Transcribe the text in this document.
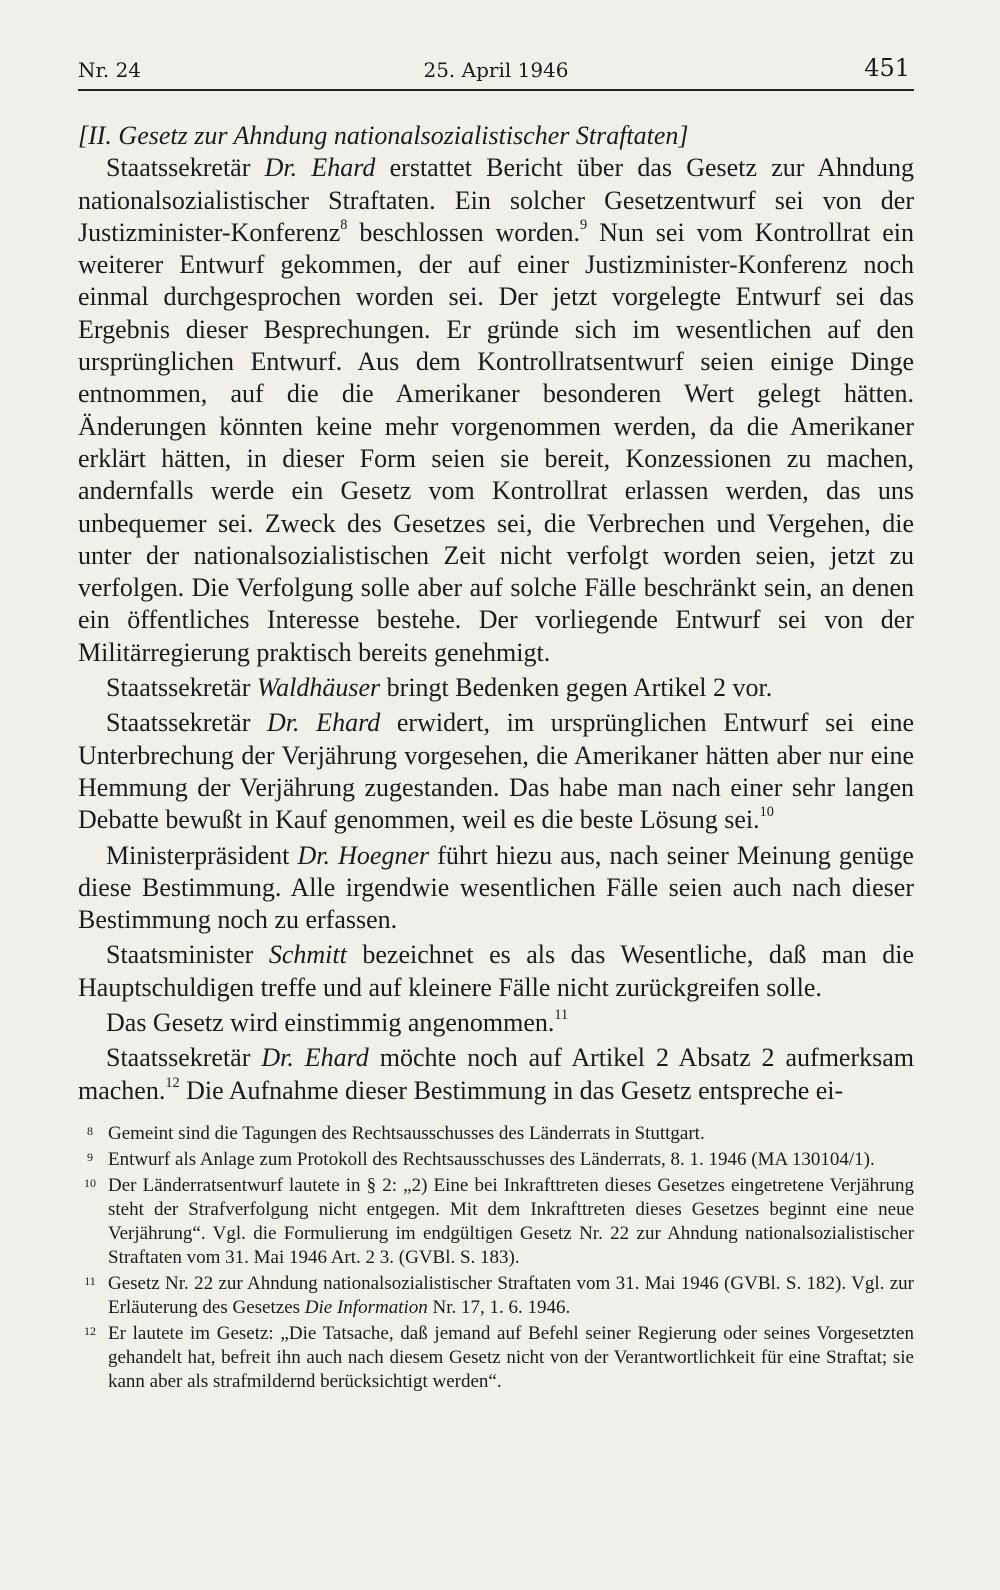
Nr. 24	25. April 1946	451

[II. Gesetz zur Ahndung nationalsozialistischer Straftaten]

Staatssekretär Dr. Ehard erstattet Bericht über das Gesetz zur Ahndung nationalsozialistischer Straftaten. Ein solcher Gesetzentwurf sei von der Justizminister-Konferenz$^8$ beschlossen worden.$^9$ Nun sei vom Kontrollrat ein weiterer Entwurf gekommen, der auf einer Justizminister-Konferenz noch einmal durchgesprochen worden sei. Der jetzt vorgelegte Entwurf sei das Ergebnis dieser Besprechungen. Er gründe sich im wesentlichen auf den ursprünglichen Entwurf. Aus dem Kontrollratsentwurf seien einige Dinge entnommen, auf die die Amerikaner besonderen Wert gelegt hätten. Änderungen könnten keine mehr vorgenommen werden, da die Amerikaner erklärt hätten, in dieser Form seien sie bereit, Konzessionen zu machen, andernfalls werde ein Gesetz vom Kontrollrat erlassen werden, das uns unbequemer sei. Zweck des Gesetzes sei, die Verbrechen und Vergehen, die unter der nationalsozialistischen Zeit nicht verfolgt worden seien, jetzt zu verfolgen. Die Verfolgung solle aber auf solche Fälle beschränkt sein, an denen ein öffentliches Interesse bestehe. Der vorliegende Entwurf sei von der Militärregierung praktisch bereits genehmigt.

Staatssekretär Waldhäuser bringt Bedenken gegen Artikel 2 vor.

Staatssekretär Dr. Ehard erwidert, im ursprünglichen Entwurf sei eine Unterbrechung der Verjährung vorgesehen, die Amerikaner hätten aber nur eine Hemmung der Verjährung zugestanden. Das habe man nach einer sehr langen Debatte bewußt in Kauf genommen, weil es die beste Lösung sei.$^{10}$

Ministerpräsident Dr. Hoegner führt hiezu aus, nach seiner Meinung genüge diese Bestimmung. Alle irgendwie wesentlichen Fälle seien auch nach dieser Bestimmung noch zu erfassen.

Staatsminister Schmitt bezeichnet es als das Wesentliche, daß man die Hauptschuldigen treffe und auf kleinere Fälle nicht zurückgreifen solle.

Das Gesetz wird einstimmig angenommen.$^{11}$

Staatssekretär Dr. Ehard möchte noch auf Artikel 2 Absatz 2 aufmerksam machen.$^{12}$ Die Aufnahme dieser Bestimmung in das Gesetz entspreche ei-

8 Gemeint sind die Tagungen des Rechtsausschusses des Länderrats in Stuttgart.
9 Entwurf als Anlage zum Protokoll des Rechtsausschusses des Länderrats, 8. 1. 1946 (MA 130104/1).
10 Der Länderratsentwurf lautete in § 2: „2) Eine bei Inkrafttreten dieses Gesetzes eingetretene Verjährung steht der Strafverfolgung nicht entgegen. Mit dem Inkrafttreten dieses Gesetzes beginnt eine neue Verjährung“. Vgl. die Formulierung im endgültigen Gesetz Nr. 22 zur Ahndung nationalsozialistischer Straftaten vom 31. Mai 1946 Art. 2 3. (GVBl. S. 183).
11 Gesetz Nr. 22 zur Ahndung nationalsozialistischer Straftaten vom 31. Mai 1946 (GVBl. S. 182). Vgl. zur Erläuterung des Gesetzes Die Information Nr. 17, 1. 6. 1946.
12 Er lautete im Gesetz: „Die Tatsache, daß jemand auf Befehl seiner Regierung oder seines Vorgesetzten gehandelt hat, befreit ihn auch nach diesem Gesetz nicht von der Verantwortlichkeit für eine Straftat; sie kann aber als strafmildernd berücksichtigt werden“.
